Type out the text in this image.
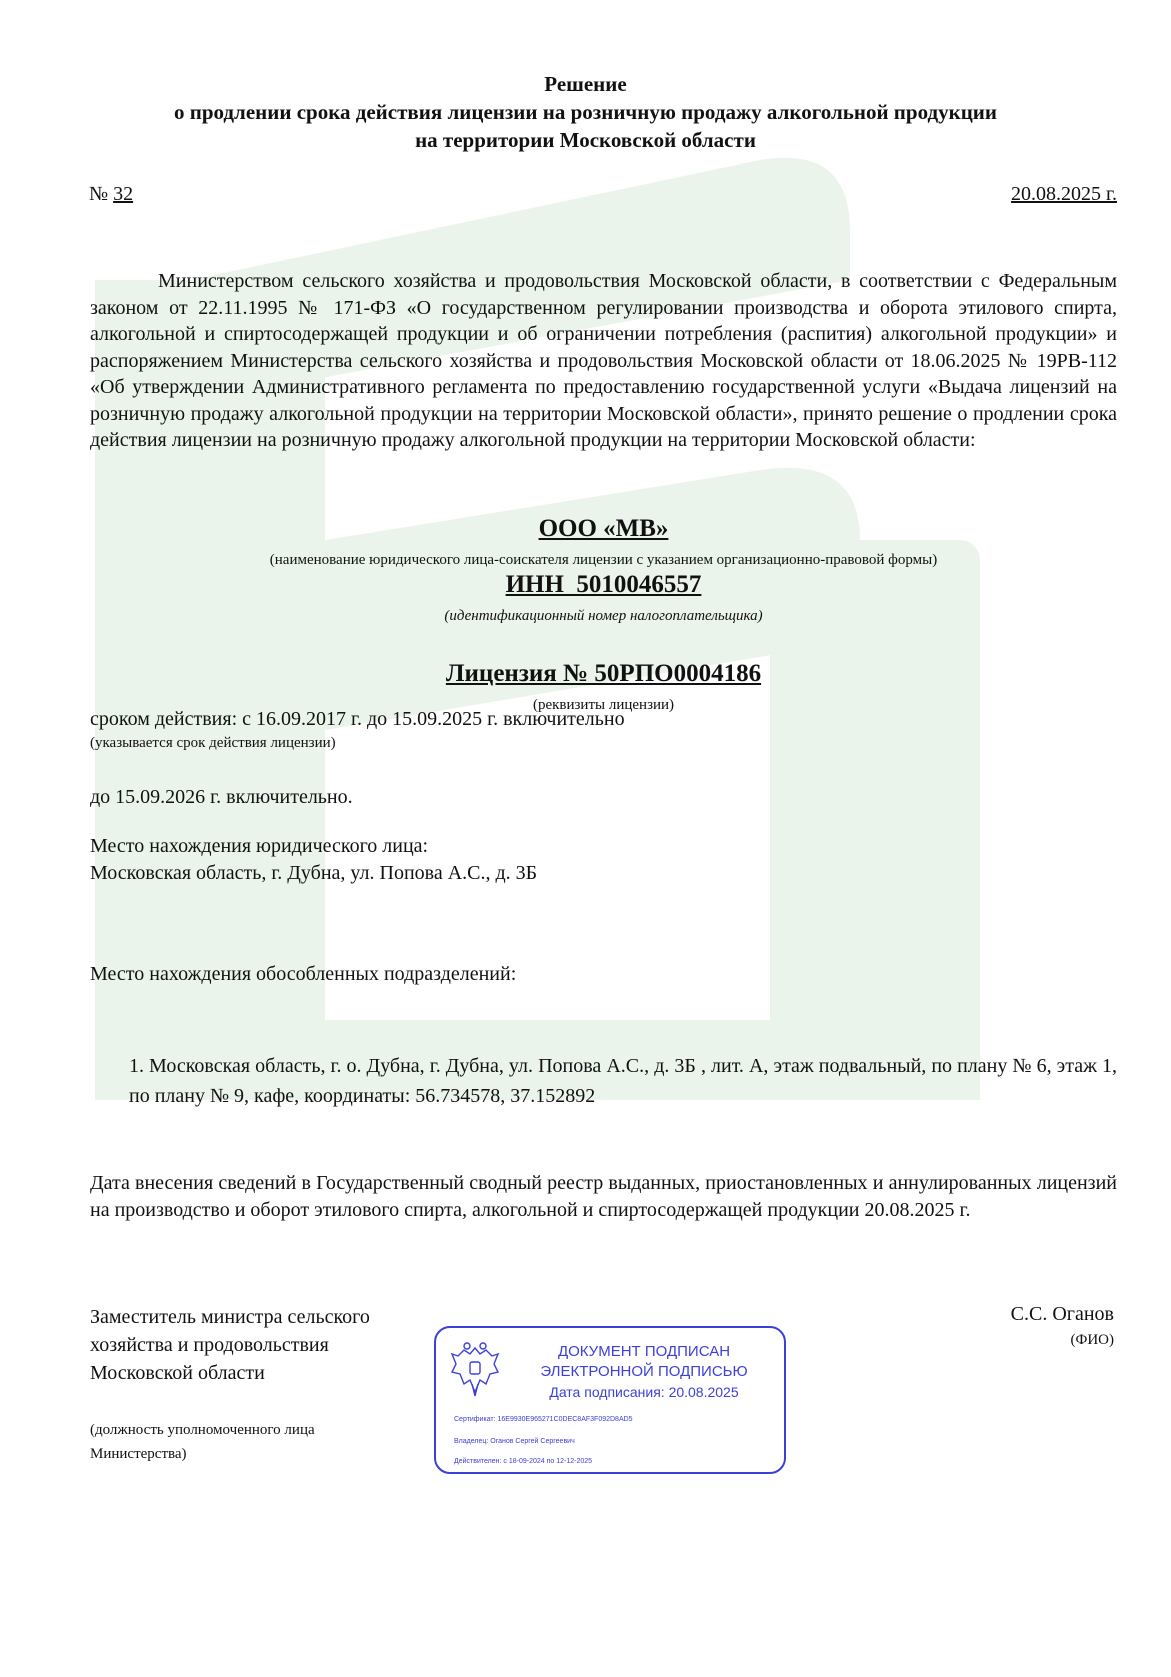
Решение
о продлении срока действия лицензии на розничную продажу алкогольной продукции
на территории Московской области
№ 32	20.08.2025 г.
Министерством сельского хозяйства и продовольствия Московской области, в соответствии с Федеральным законом от 22.11.1995 № 171-ФЗ «О государственном регулировании производства и оборота этилового спирта, алкогольной и спиртосодержащей продукции и об ограничении потребления (распития) алкогольной продукции» и распоряжением Министерства сельского хозяйства и продовольствия Московской области от 18.06.2025 № 19РВ-112 «Об утверждении Административного регламента по предоставлению государственной услуги «Выдача лицензий на розничную продажу алкогольной продукции на территории Московской области», принято решение о продлении срока действия лицензии на розничную продажу алкогольной продукции на территории Московской области:
ООО «МВ»
(наименование юридического лица-соискателя лицензии с указанием организационно-правовой формы)
ИНН  5010046557
(идентификационный номер налогоплательщика)
Лицензия № 50РПО0004186
(реквизиты лицензии)
сроком действия: с 16.09.2017 г. до 15.09.2025 г. включительно
(указывается срок действия лицензии)
до 15.09.2026 г. включительно.
Место нахождения юридического лица:
Московская область, г. Дубна, ул. Попова А.С., д. 3Б
Место нахождения обособленных подразделений:
1. Московская область, г. о. Дубна, г. Дубна, ул. Попова А.С., д. 3Б , лит. А, этаж подвальный, по плану № 6, этаж 1, по плану № 9, кафе, координаты: 56.734578, 37.152892
Дата внесения сведений в Государственный сводный реестр выданных, приостановленных и аннулированных лицензий на производство и оборот этилового спирта, алкогольной и спиртосодержащей продукции 20.08.2025 г.
Заместитель министра сельского хозяйства и продовольствия Московской области
(должность уполномоченного лица Министерства)
С.С. Оганов
(ФИО)
ДОКУМЕНТ ПОДПИСАН
ЭЛЕКТРОННОЙ ПОДПИСЬЮ
Дата подписания: 20.08.2025
Сертификат: 16E9930E965271C0DEC8AF3F092D8AD5
Владелец: Оганов Сергей Сергеевич
Действителен: с 18-09-2024 по 12-12-2025
